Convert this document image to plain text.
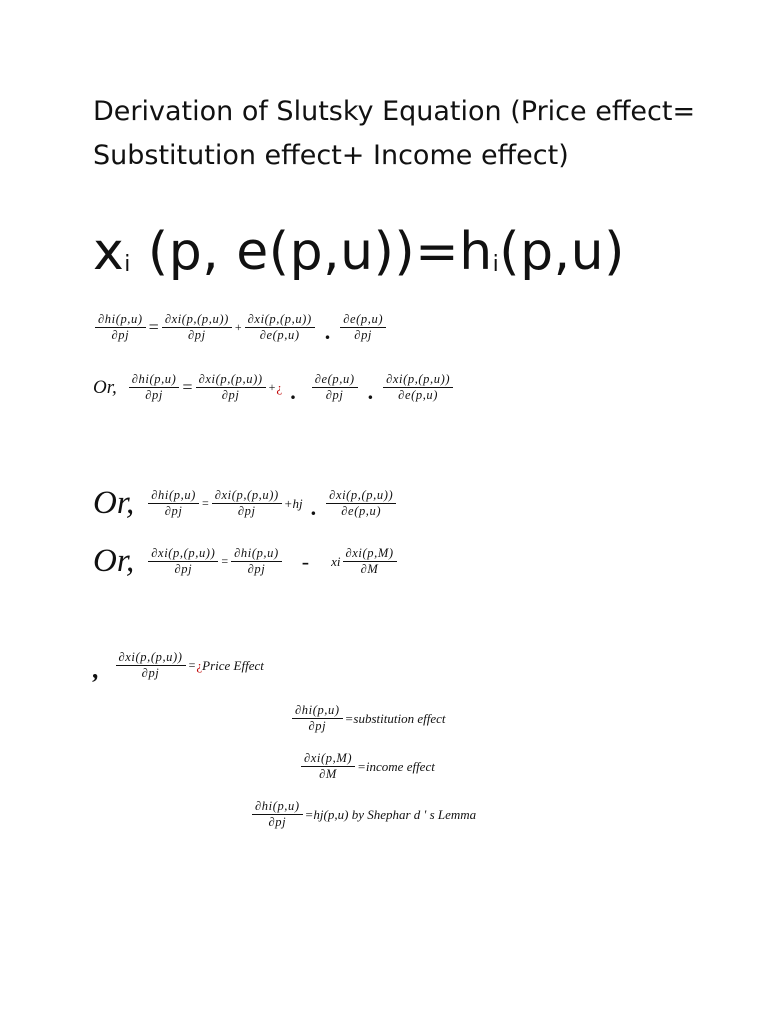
Derivation of Slutsky Equation (Price effect= Substitution effect+ Income effect)
$x_i$ (p, $e(p,u))=h_i(p,u)$
$\frac{\partial hi(p,u)}{\partial pj} = \frac{\partial xi(p,(p,u))}{\partial pj} + \frac{\partial xi(p,(p,u))}{\partial e(p,u)}$ . $\frac{\partial e(p,u)}{\partial pj}$
Or, $\frac{\partial hi(p,u)}{\partial pj} = \frac{\partial xi(p,(p,u))}{\partial pj}$ + ¿ . $\frac{\partial e(p,u)}{\partial pj}$ . $\frac{\partial xi(p,(p,u))}{\partial e(p,u)}$
Or, $\frac{\partial hi(p,u)}{\partial pj} = \frac{\partial xi(p,(p,u))}{\partial pj} +hj$ . $\frac{\partial xi(p,(p,u))}{\partial e(p,u)}$
Or, $\frac{\partial xi(p,(p,u))}{\partial pj} = \frac{\partial hi(p,u)}{\partial pj}$ - xi $\frac{\partial xi(p,M)}{\partial M}$
, $\frac{\partial xi(p,(p,u))}{\partial pj}$ = ¿ Price Effect
$\frac{\partial hi(p,u)}{\partial pj}$ =substitution effect
$\frac{\partial xi(p,M)}{\partial M}$ =income effect
$\frac{\partial hi(p,u)}{\partial pj} =hj(p,u)$ by Shephar d ' s Lemma
